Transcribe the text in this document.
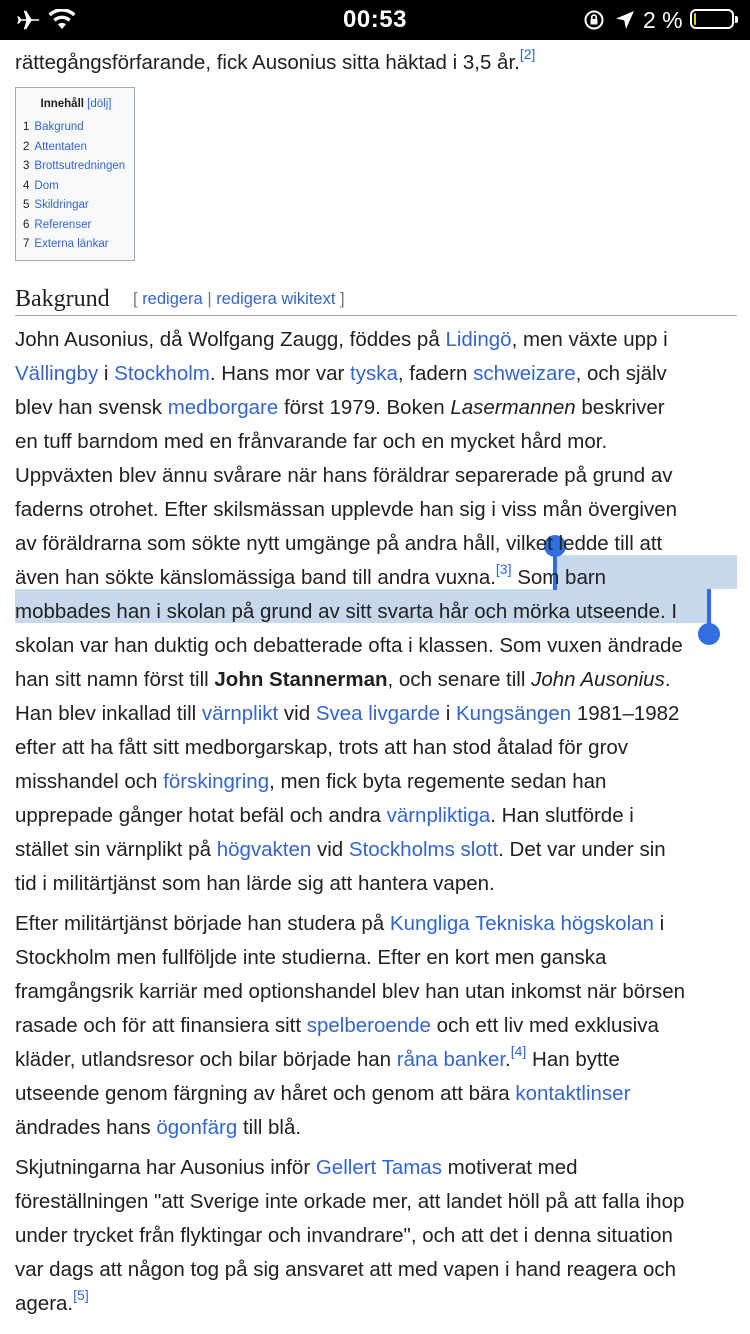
00:53	2 %
rättegångsförfarande, fick Ausonius sitta häktad i 3,5 år.[2]
Innehåll [dölj]
1 Bakgrund
2 Attentaten
3 Brottsutredningen
4 Dom
5 Skildringar
6 Referenser
7 Externa länkar
Bakgrund [ redigera | redigera wikitext ]
John Ausonius, då Wolfgang Zaugg, föddes på Lidingö, men växte upp i
Vällingby i Stockholm. Hans mor var tyska, fadern schweizare, och själv
blev han svensk medborgare först 1979. Boken Lasermannen beskriver
en tuff barndom med en frånvarande far och en mycket hård mor.
Uppväxten blev ännu svårare när hans föräldrar separerade på grund av
faderns otrohet. Efter skilsmässan upplevde han sig i viss mån övergiven
av föräldrarna som sökte nytt umgänge på andra håll, vilket ledde till att
även han sökte känslomässiga band till andra vuxna.[3] Som barn
mobbades han i skolan på grund av sitt svarta hår och mörka utseende. I
skolan var han duktig och debatterade ofta i klassen. Som vuxen ändrade
han sitt namn först till John Stannerman, och senare till John Ausonius.
Han blev inkallad till värnplikt vid Svea livgarde i Kungsängen 1981–1982
efter att ha fått sitt medborgarskap, trots att han stod åtalad för grov
misshandel och förskingring, men fick byta regemente sedan han
upprepade gånger hotat befäl och andra värnpliktiga. Han slutförde i
stället sin värnplikt på högvakten vid Stockholms slott. Det var under sin
tid i militärtjänst som han lärde sig att hantera vapen.
Efter militärtjänst började han studera på Kungliga Tekniska högskolan i
Stockholm men fullföljde inte studierna. Efter en kort men ganska
framgångsrik karriär med optionshandel blev han utan inkomst när börsen
rasade och för att finansiera sitt spelberoende och ett liv med exklusiva
kläder, utlandsresor och bilar började han råna banker.[4] Han bytte
utseende genom färgning av håret och genom att bära kontaktlinser
ändrades hans ögonfärg till blå.
Skjutningarna har Ausonius inför Gellert Tamas motiverat med
föreställningen "att Sverige inte orkade mer, att landet höll på att falla ihop
under trycket från flyktingar och invandrare", och att det i denna situation
var dags att någon tog på sig ansvaret att med vapen i hand reagera och
agera.[5]
